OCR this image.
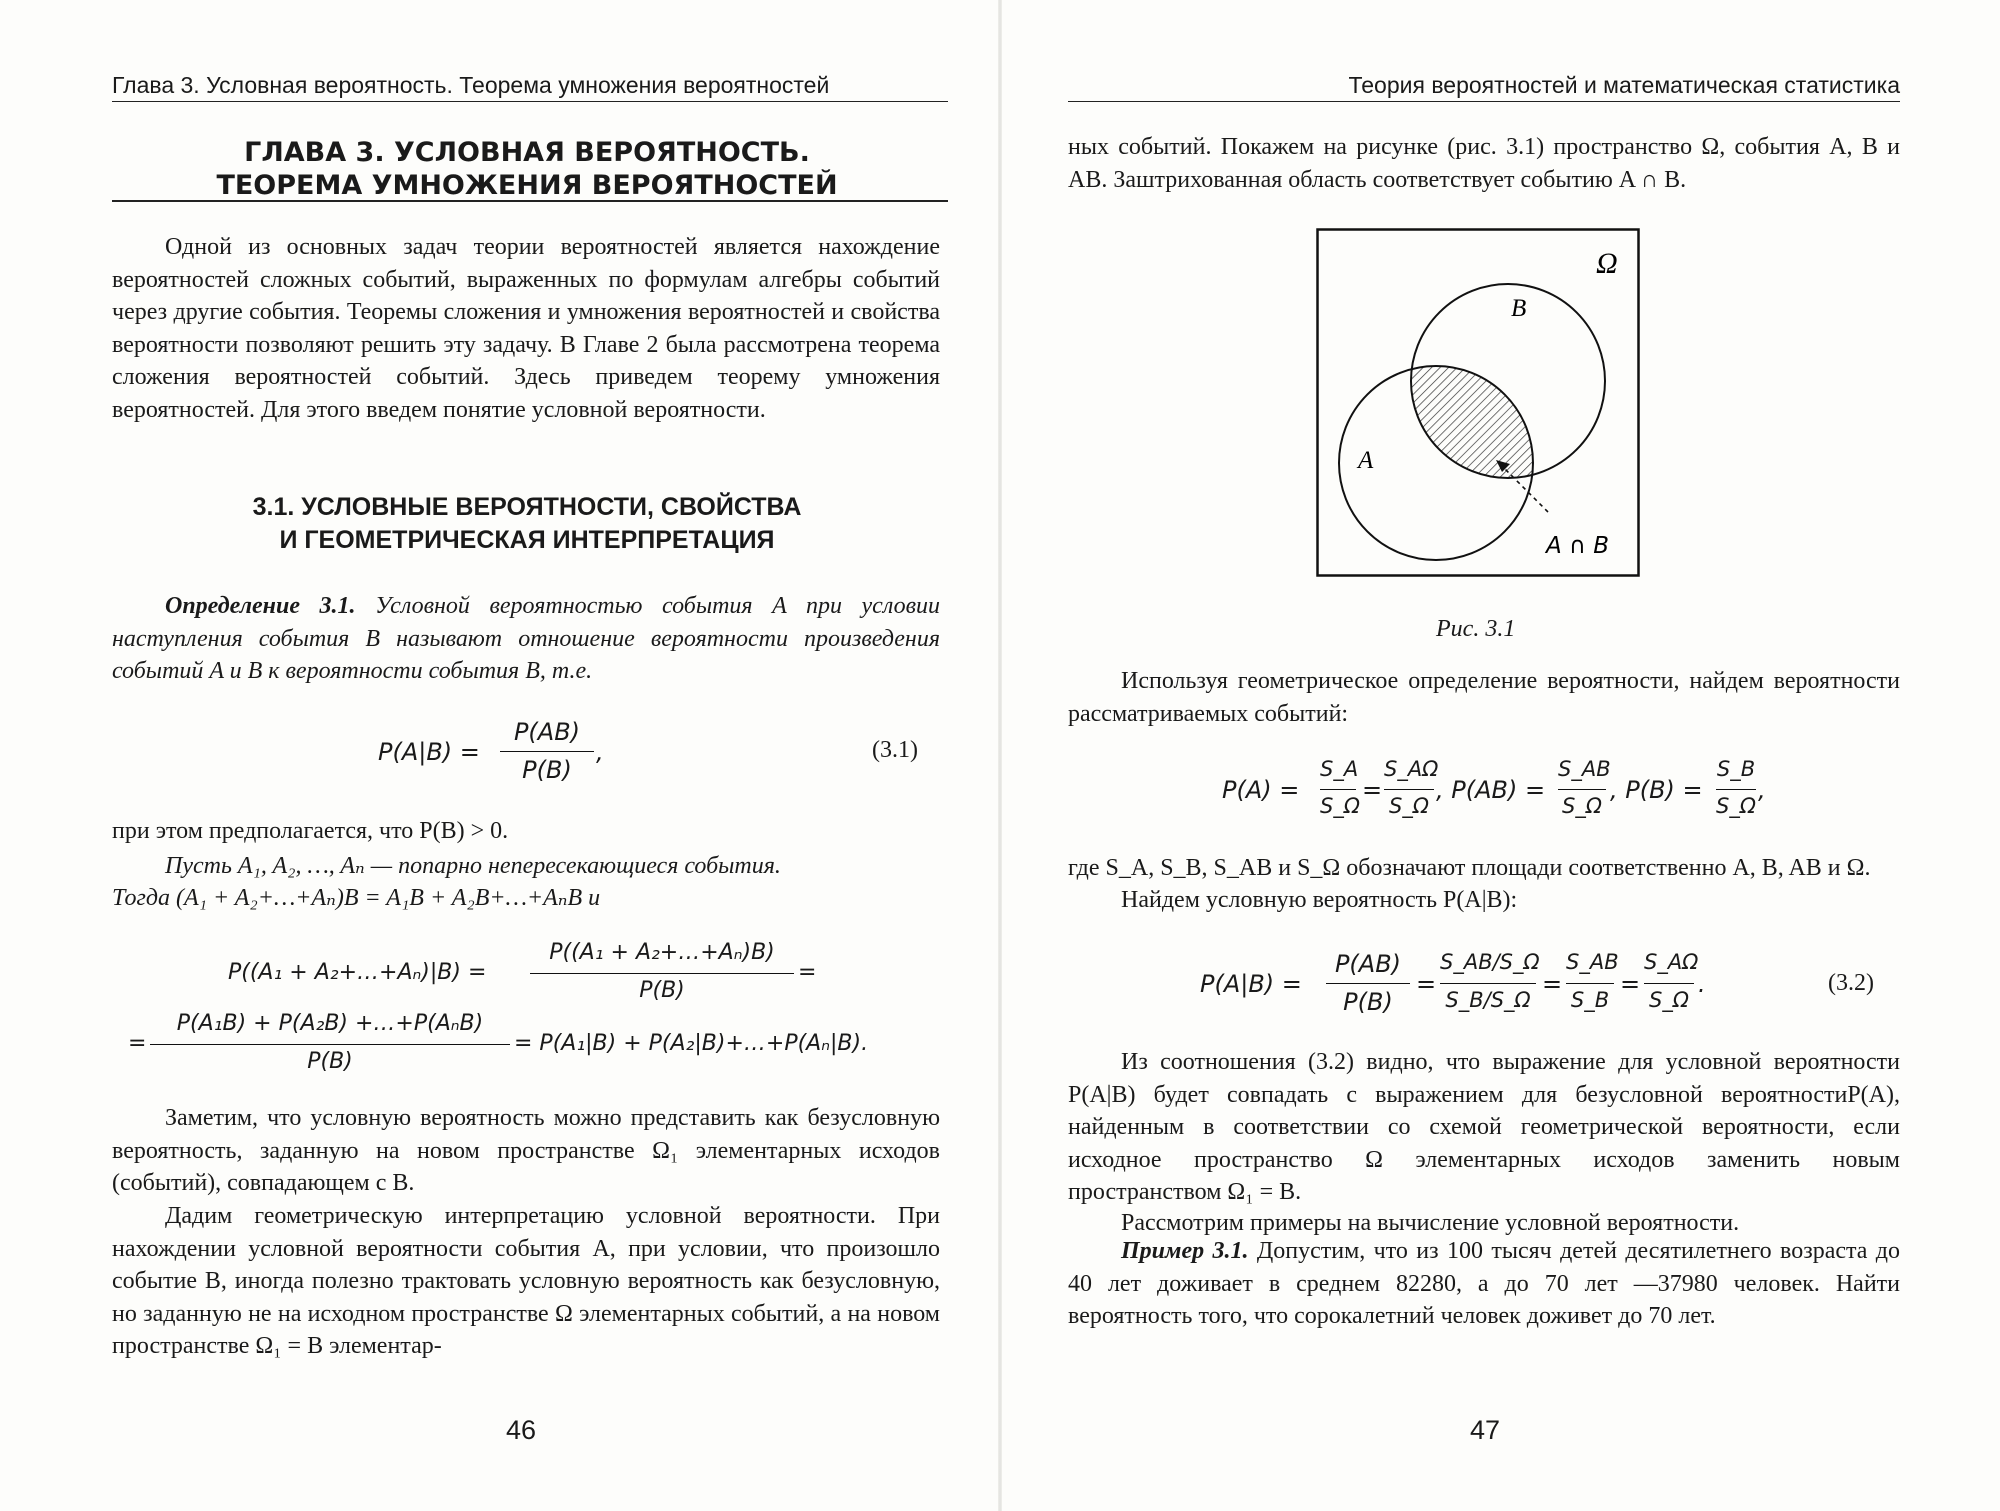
Глава 3. Условная вероятность. Теорема умножения вероятностей
ГЛАВА 3. УСЛОВНАЯ ВЕРОЯТНОСТЬ.
ТЕОРЕМА УМНОЖЕНИЯ ВЕРОЯТНОСТЕЙ

Одной из основных задач теории вероятностей является нахождение вероятностей сложных событий, выраженных по формулам алгебры событий через другие события. Теоремы сложения и умножения вероятностей и свойства вероятности позволяют решить эту задачу. В Главе 2 была рассмотрена теорема сложения вероятностей событий. Здесь приведем теорему умножения вероятностей. Для этого введем понятие условной вероятности.

3.1. УСЛОВНЫЕ ВЕРОЯТНОСТИ, СВОЙСТВА
И ГЕОМЕТРИЧЕСКАЯ ИНТЕРПРЕТАЦИЯ

Определение 3.1. Условной вероятностью события A при условии наступления события B называют отношение вероятности произведения событий A и B к вероятности события B, т.е.

P(A|B) =
P(AB)
P(B)
,	(3.1)
при этом предполагается, что P(B) > 0.
Пусть A₁, A₂, …, Aₙ — попарно непересекающиеся события.
Тогда (A₁ + A₂+…+Aₙ)B = A₁B + A₂B+…+AₙB и
P((A₁ + A₂+…+Aₙ)|B) =
P((A₁ + A₂+…+Aₙ)B)
P(B)
=
=
P(A₁B) + P(A₂B) +…+P(AₙB)
P(B)
= P(A₁|B) + P(A₂|B)+…+P(Aₙ|B).

Заметим, что условную вероятность можно представить как безусловную вероятность, заданную на новом пространстве Ω₁ элементарных исходов (событий), совпадающем с B.

Дадим геометрическую интерпретацию условной вероятности. При нахождении условной вероятности события A, при условии, что произошло событие B, иногда полезно трактовать условную вероятность как безусловную, но заданную не на исходном пространстве Ω элементарных событий, а на новом пространстве Ω₁ = B элементар-

46
Теория вероятностей и математическая статистика

ных событий. Покажем на рисунке (рис. 3.1) пространство Ω, события A, B и AB. Заштрихованная область соответствует событию A ∩ B.

Ω
B
A
A ∩ B
Рис. 3.1

Используя геометрическое определение вероятности, найдем вероятности рассматриваемых событий:

P(A) =
S_A
S_Ω
=
S_AΩ
S_Ω
, P(AB) =
S_AB
S_Ω
, P(B) =
S_B
S_Ω
,
где S_A, S_B, S_AB и S_Ω обозначают площади соответственно A, B, AB и Ω.
Найдем условную вероятность P(A|B):
P(A|B) =
P(AB)
P(B)
=
S_AB/S_Ω
S_B/S_Ω
=
S_AB
S_B
=
S_AΩ
S_Ω
.	(3.2)

Из соотношения (3.2) видно, что выражение для условной вероятности P(A|B) будет совпадать с выражением для безусловной вероятностиP(A), найденным в соответствии со схемой геометрической вероятности, если исходное пространство Ω элементарных исходов заменить новым пространством Ω₁ = B.

Рассмотрим примеры на вычисление условной вероятности.

Пример 3.1. Допустим, что из 100 тысяч детей десятилетнего возраста до 40 лет доживает в среднем 82280, а до 70 лет —37980 человек. Найти вероятность того, что сорокалетний человек доживет до 70 лет.

47
